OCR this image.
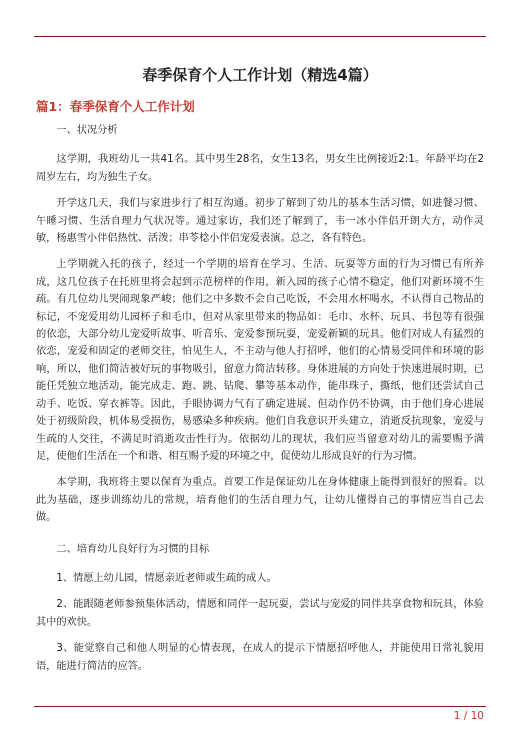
春季保育个人工作计划（精选4篇）
篇1：春季保育个人工作计划

一、状况分析

这学期，我班幼儿一共41名。其中男生28名，女生13名，男女生比例接近2:1。年龄平均在2周岁左右，均为独生子女。

开学这几天，我们与家进步行了相互沟通。初步了解到了幼儿的基本生活习惯，如进餐习惯、午睡习惯、生活自理力气状况等。通过家访，我们还了解到了，韦一冰小伴侣开朗大方，动作灵敏，杨惠雪小伴侣热忱、活泼；串苓棯小伴侣宠爱表演。总之，各有特色。

上学期就入托的孩子，经过一个学期的培育在学习、生活、玩耍等方面的行为习惯已有所养成，这几位孩子在托班里将会起到示范榜样的作用，新入园的孩子心情不稳定，他们对新环境不生疏。有几位幼儿哭闹现象严峻；他们之中多数不会自己吃饭，不会用水杯喝水，不认得自己物品的标记，不宠爱用幼儿园杯子和毛巾，但对从家里带来的物品如：毛巾、水杯、玩具、书包等有很强的依恋，大部分幼儿宠爱听故事、听音乐、宠爱参预玩耍，宠爱新颖的玩具。他们对成人有猛烈的依恋，宠爱和固定的老师交往，怕见生人，不主动与他人打招呼，他们的心情易受同伴和环境的影响，所以，他们简洁被好玩的事物吸引，留意力简洁转移。身体进展的方向处于快速进展时期，已能任凭独立地活动，能完成走、跑、跳、钻爬、攀等基本动作，能串珠子，撕纸，他们还尝试自己动手、吃饭、穿衣裤等。因此，手眼协调力气有了确定进展、但动作仍不协调，由于他们身心进展处于初级阶段，机体易受损伤，易感染多种疾病。他们自我意识开头建立，消逝反抗现象，宠爱与生疏的人交往，不满足时消逝攻击性行为。依据幼儿的现状，我们应当留意对幼儿的需要赐予满足，使他们生活在一个和谐、相互赐予爱的环境之中，促使幼儿形成良好的行为习惯。

本学期，我班将主要以保育为重点。首要工作是保证幼儿在身体健康上能得到很好的照看。以此为基础，逐步训练幼儿的常规，培育他们的生活自理力气，让幼儿懂得自己的事情应当自己去做。

二、培育幼儿良好行为习惯的目标

1、情愿上幼儿园，情愿亲近老师或生疏的成人。

2、能跟随老师参预集体活动，情愿和同伴一起玩耍，尝试与宠爱的同伴共享食物和玩具，体验其中的欢快。

3、能觉察自己和他人明显的心情表现，在成人的提示下情愿招呼他人，并能使用日常礼貌用语，能进行简洁的应答。

1 / 10
